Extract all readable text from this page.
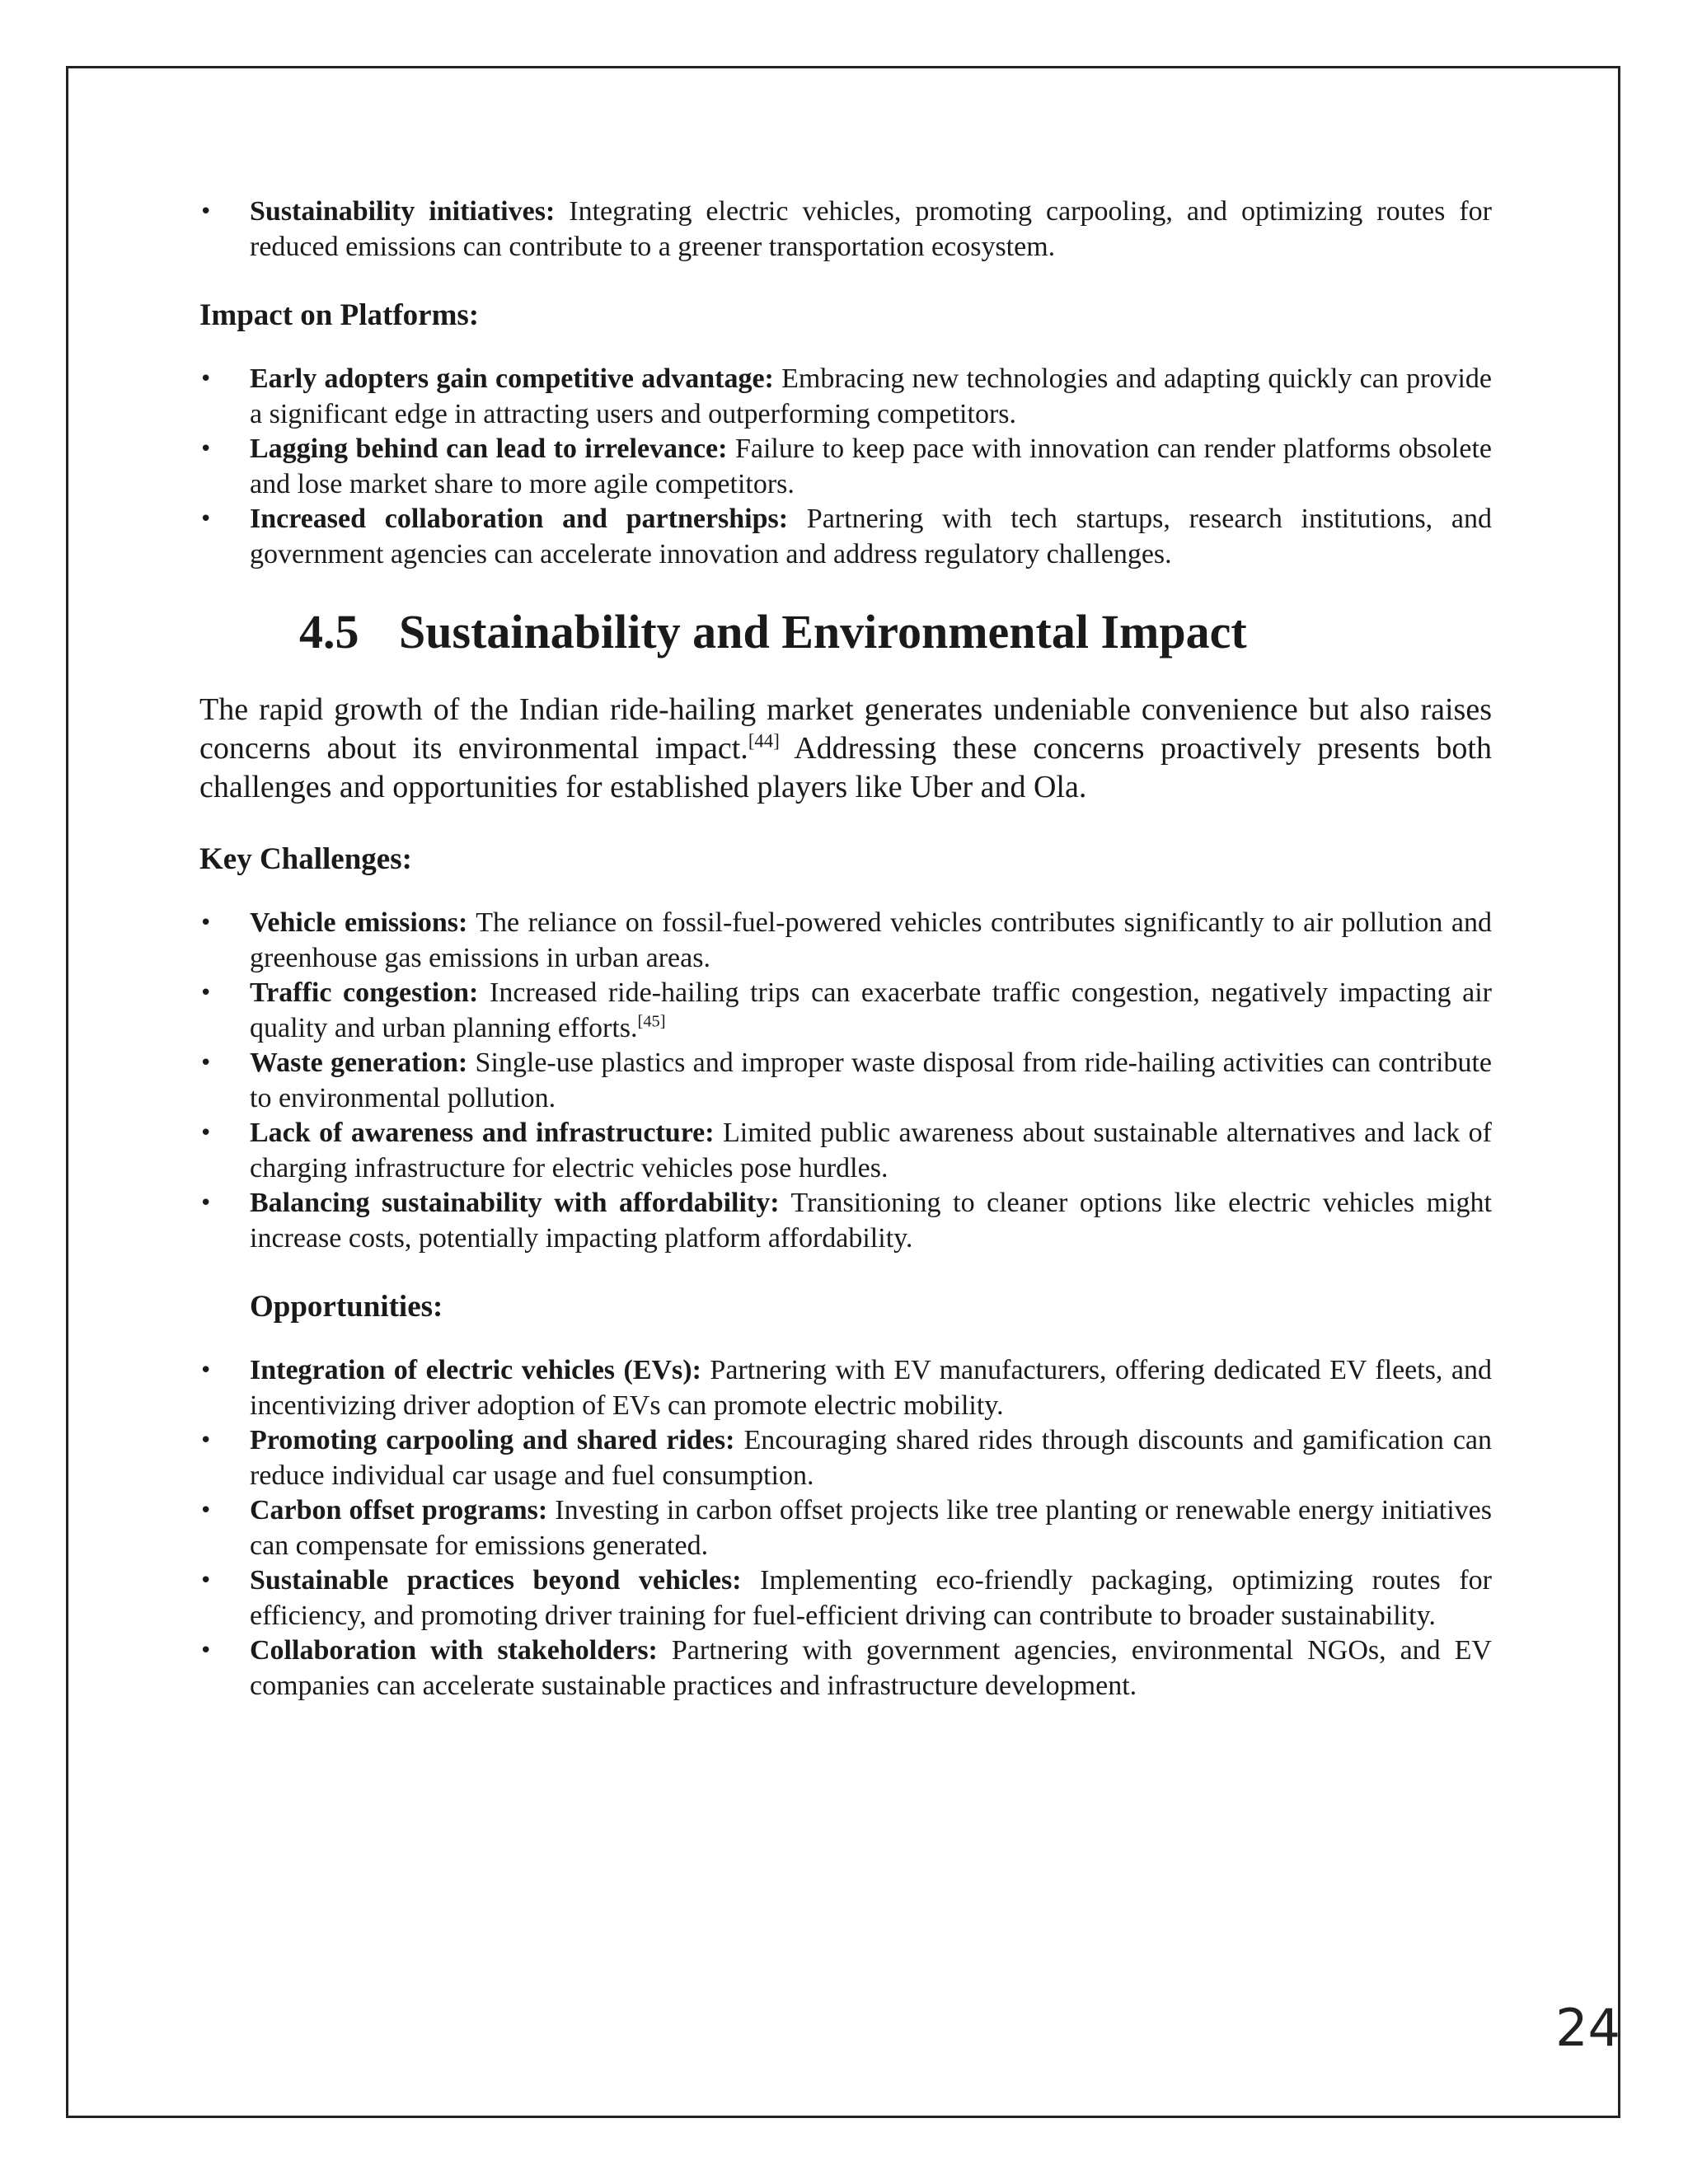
• Sustainability initiatives: Integrating electric vehicles, promoting carpooling, and optimizing routes for reduced emissions can contribute to a greener transportation ecosystem.

Impact on Platforms:

• Early adopters gain competitive advantage: Embracing new technologies and adapting quickly can provide a significant edge in attracting users and outperforming competitors.
• Lagging behind can lead to irrelevance: Failure to keep pace with innovation can render platforms obsolete and lose market share to more agile competitors.
• Increased collaboration and partnerships: Partnering with tech startups, research institutions, and government agencies can accelerate innovation and address regulatory challenges.
4.5 Sustainability and Environmental Impact

The rapid growth of the Indian ride-hailing market generates undeniable convenience but also raises concerns about its environmental impact.[44] Addressing these concerns proactively presents both challenges and opportunities for established players like Uber and Ola.

Key Challenges:

• Vehicle emissions: The reliance on fossil-fuel-powered vehicles contributes significantly to air pollution and greenhouse gas emissions in urban areas.
• Traffic congestion: Increased ride-hailing trips can exacerbate traffic congestion, negatively impacting air quality and urban planning efforts.[45]
• Waste generation: Single-use plastics and improper waste disposal from ride-hailing activities can contribute to environmental pollution.
• Lack of awareness and infrastructure: Limited public awareness about sustainable alternatives and lack of charging infrastructure for electric vehicles pose hurdles.
• Balancing sustainability with affordability: Transitioning to cleaner options like electric vehicles might increase costs, potentially impacting platform affordability.

Opportunities:

• Integration of electric vehicles (EVs): Partnering with EV manufacturers, offering dedicated EV fleets, and incentivizing driver adoption of EVs can promote electric mobility.
• Promoting carpooling and shared rides: Encouraging shared rides through discounts and gamification can reduce individual car usage and fuel consumption.
• Carbon offset programs: Investing in carbon offset projects like tree planting or renewable energy initiatives can compensate for emissions generated.
• Sustainable practices beyond vehicles: Implementing eco-friendly packaging, optimizing routes for efficiency, and promoting driver training for fuel-efficient driving can contribute to broader sustainability.
• Collaboration with stakeholders: Partnering with government agencies, environmental NGOs, and EV companies can accelerate sustainable practices and infrastructure development.
24
